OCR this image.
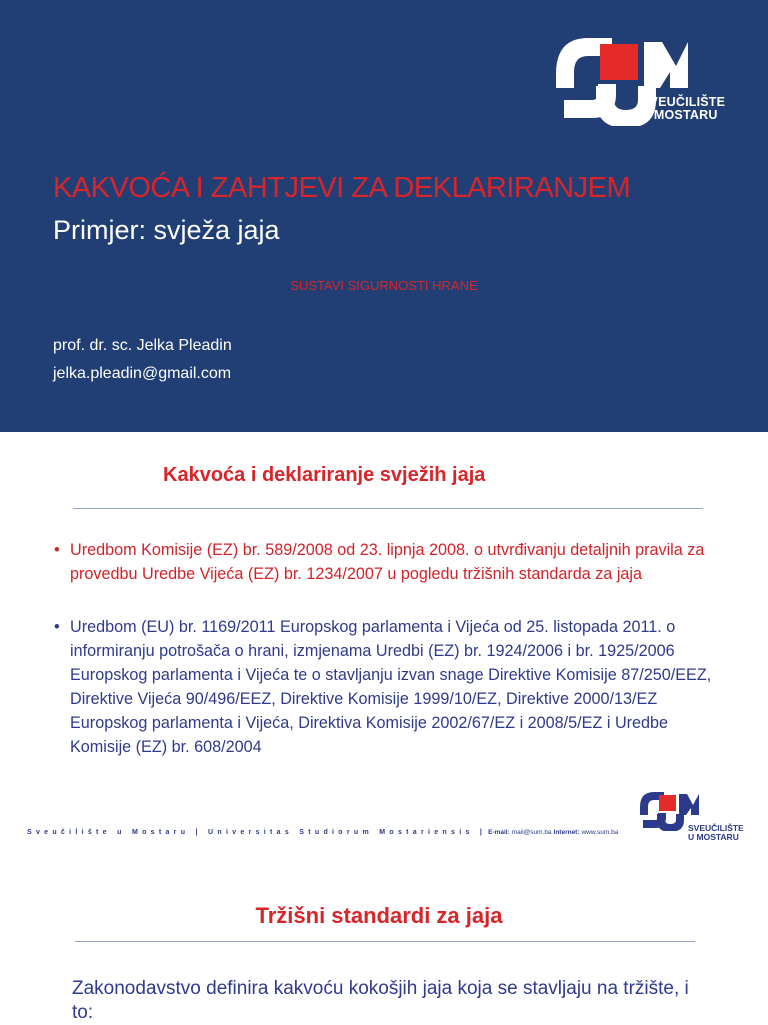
SVEUČILIŠTE
U MOSTARU
KAKVOĆA I ZAHTJEVI ZA DEKLARIRANJEM
Primjer: svježa jaja
SUSTAVI SIGURNOSTI HRANE
prof. dr. sc. Jelka Pleadin
jelka.pleadin@gmail.com
Kakvoća i deklariranje svježih jaja
• Uredbom Komisije (EZ) br. 589/2008 od 23. lipnja 2008. o utvrđivanju detaljnih pravila za provedbu Uredbe Vijeća (EZ) br. 1234/2007 u pogledu tržišnih standarda za jaja
• Uredbom (EU) br. 1169/2011 Europskog parlamenta i Vijeća od 25. listopada 2011. o informiranju potrošača o hrani, izmjenama Uredbi (EZ) br. 1924/2006 i br. 1925/2006 Europskog parlamenta i Vijeća te o stavljanju izvan snage Direktive Komisije 87/250/EEZ, Direktive Vijeća 90/496/EEZ, Direktive Komisije 1999/10/EZ, Direktive 2000/13/EZ Europskog parlamenta i Vijeća, Direktiva Komisije 2002/67/EZ i 2008/5/EZ i Uredbe Komisije (EZ) br. 608/2004
Sveučilište u Mostaru | Universitas Studiorum Mostariensis | E-mail: mail@sum.ba Internet: www.sum.ba	SVEUČILIŠTE
U MOSTARU
Tržišni standardi za jaja
Zakonodavstvo definira kakvoću kokošjih jaja koja se stavljaju na tržište, i to:
